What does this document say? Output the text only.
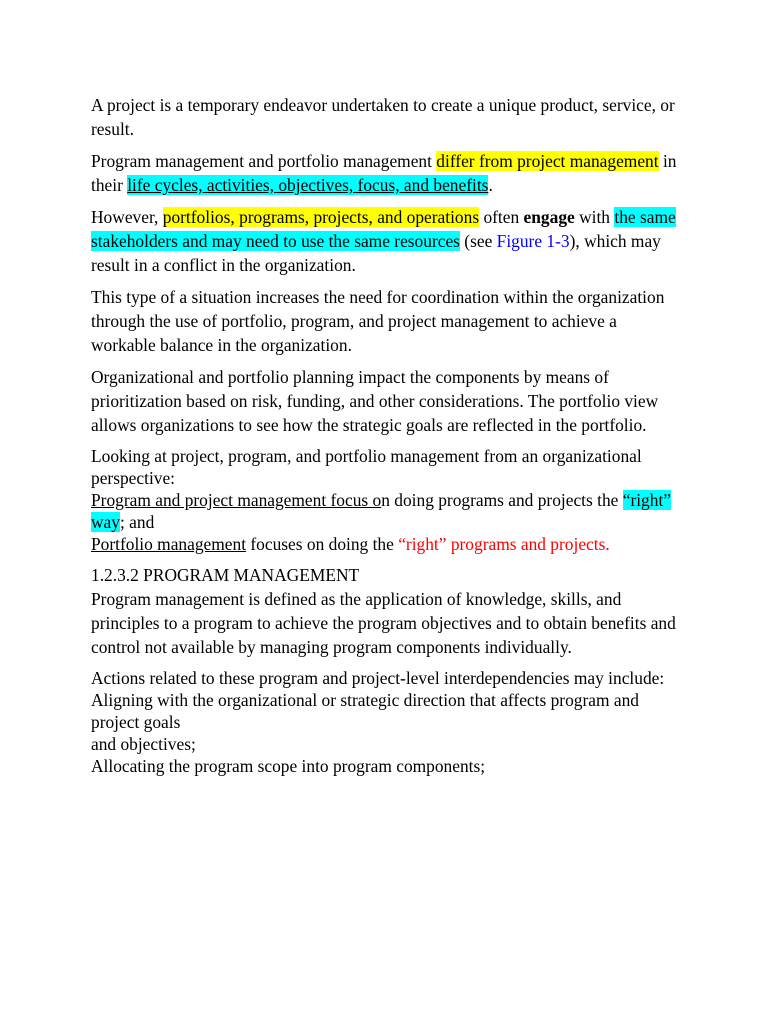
A project is a temporary endeavor undertaken to create a unique product, service, or result.

Program management and portfolio management differ from project management in their life cycles, activities, objectives, focus, and benefits.

However, portfolios, programs, projects, and operations often engage with the same stakeholders and may need to use the same resources (see Figure 1-3), which may result in a conflict in the organization.

This type of a situation increases the need for coordination within the organization through the use of portfolio, program, and project management to achieve a workable balance in the organization.

Organizational and portfolio planning impact the components by means of prioritization based on risk, funding, and other considerations. The portfolio view allows organizations to see how the strategic goals are reflected in the portfolio.

Looking at project, program, and portfolio management from an organizational perspective:
Program and project management focus on doing programs and projects the “right” way; and
Portfolio management focuses on doing the “right” programs and projects.

1.2.3.2 PROGRAM MANAGEMENT
Program management is defined as the application of knowledge, skills, and principles to a program to achieve the program objectives and to obtain benefits and control not available by managing program components individually.

Actions related to these program and project-level interdependencies may include:
Aligning with the organizational or strategic direction that affects program and project goals
and objectives;
Allocating the program scope into program components;
